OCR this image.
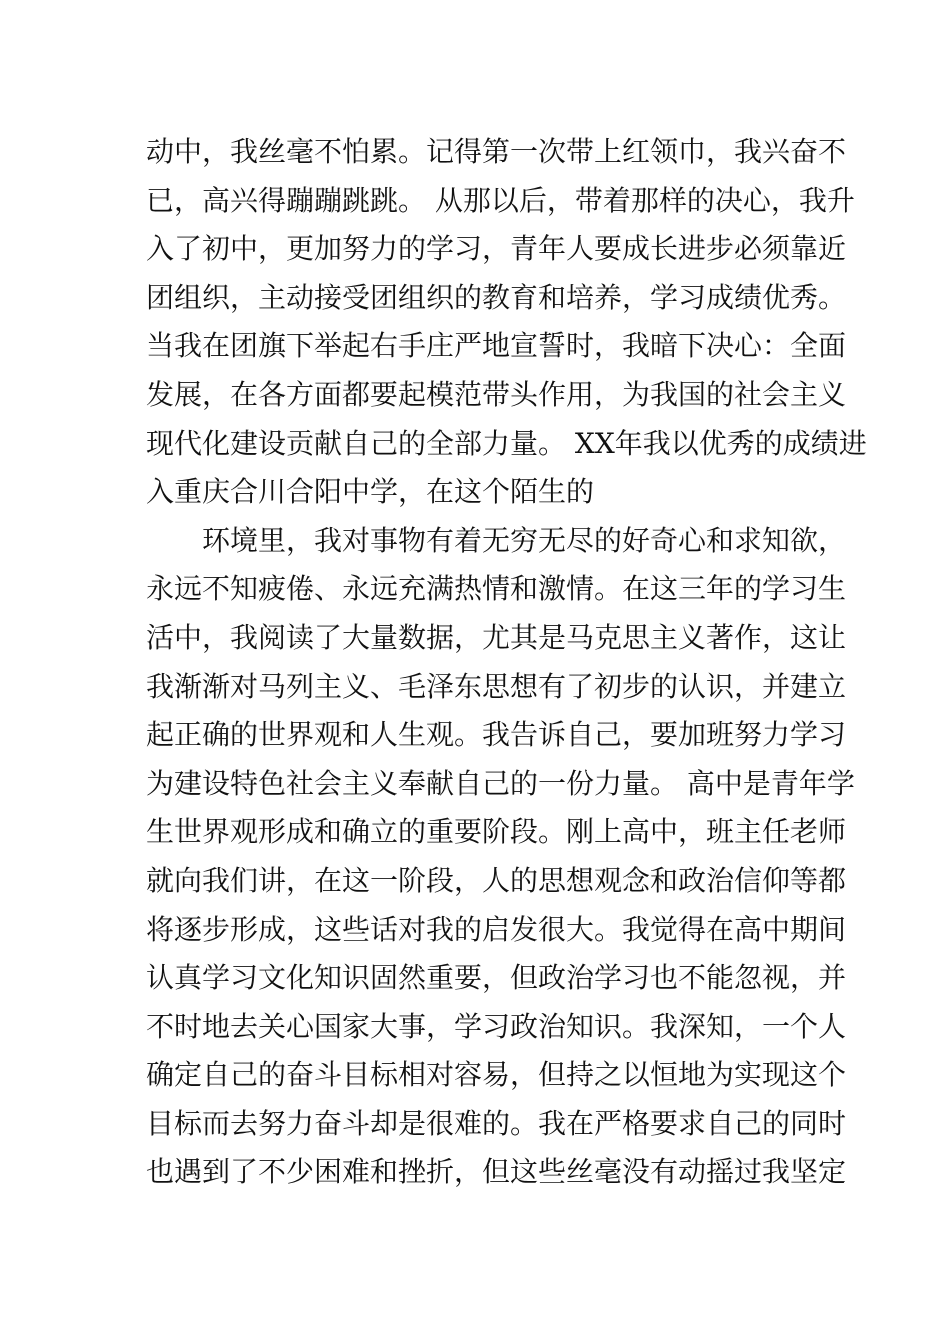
动中，我丝毫不怕累。记得第一次带上红领巾，我兴奋不
已，高兴得蹦蹦跳跳。 从那以后，带着那样的决心，我升
入了初中，更加努力的学习，青年人要成长进步必须靠近
团组织，主动接受团组织的教育和培养，学习成绩优秀。
当我在团旗下举起右手庄严地宣誓时，我暗下决心：全面
发展，在各方面都要起模范带头作用，为我国的社会主义
现代化建设贡献自己的全部力量。 XX年我以优秀的成绩进
入重庆合川合阳中学，在这个陌生的
环境里，我对事物有着无穷无尽的好奇心和求知欲，
永远不知疲倦、永远充满热情和激情。在这三年的学习生
活中，我阅读了大量数据，尤其是马克思主义著作，这让
我渐渐对马列主义、毛泽东思想有了初步的认识，并建立
起正确的世界观和人生观。我告诉自己，要加班努力学习
为建设特色社会主义奉献自己的一份力量。 高中是青年学
生世界观形成和确立的重要阶段。刚上高中，班主任老师
就向我们讲，在这一阶段，人的思想观念和政治信仰等都
将逐步形成，这些话对我的启发很大。我觉得在高中期间
认真学习文化知识固然重要，但政治学习也不能忽视，并
不时地去关心国家大事，学习政治知识。我深知，一个人
确定自己的奋斗目标相对容易，但持之以恒地为实现这个
目标而去努力奋斗却是很难的。我在严格要求自己的同时
也遇到了不少困难和挫折，但这些丝毫没有动摇过我坚定
